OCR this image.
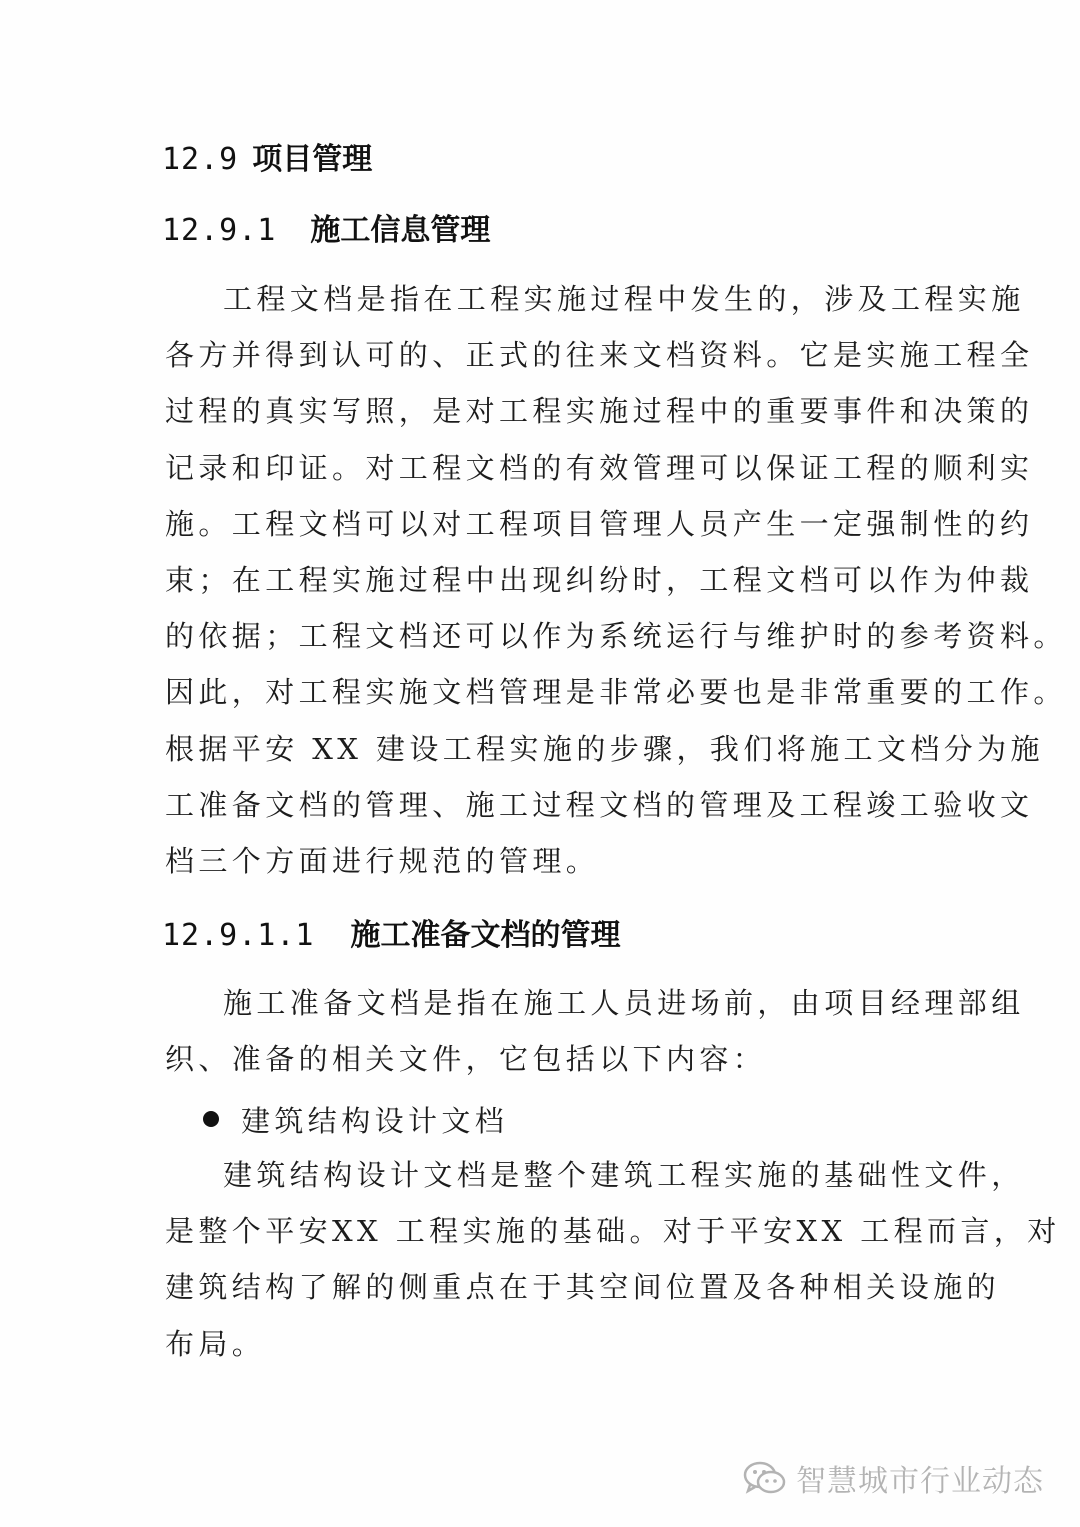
12.9 项目管理
12.9.1 施工信息管理
工程文档是指在工程实施过程中发生的，涉及工程实施
各方并得到认可的、正式的往来文档资料。它是实施工程全
过程的真实写照，是对工程实施过程中的重要事件和决策的
记录和印证。对工程文档的有效管理可以保证工程的顺利实
施。工程文档可以对工程项目管理人员产生一定强制性的约
束；在工程实施过程中出现纠纷时，工程文档可以作为仲裁
的依据；工程文档还可以作为系统运行与维护时的参考资料。
因此，对工程实施文档管理是非常必要也是非常重要的工作。
根据平安 XX 建设工程实施的步骤，我们将施工文档分为施
工准备文档的管理、施工过程文档的管理及工程竣工验收文
档三个方面进行规范的管理。
12.9.1.1 施工准备文档的管理
施工准备文档是指在施工人员进场前，由项目经理部组
织、准备的相关文件，它包括以下内容：
建筑结构设计文档
建筑结构设计文档是整个建筑工程实施的基础性文件，
是整个平安XX 工程实施的基础。对于平安XX 工程而言，对
建筑结构了解的侧重点在于其空间位置及各种相关设施的
布局。
智慧城市行业动态
